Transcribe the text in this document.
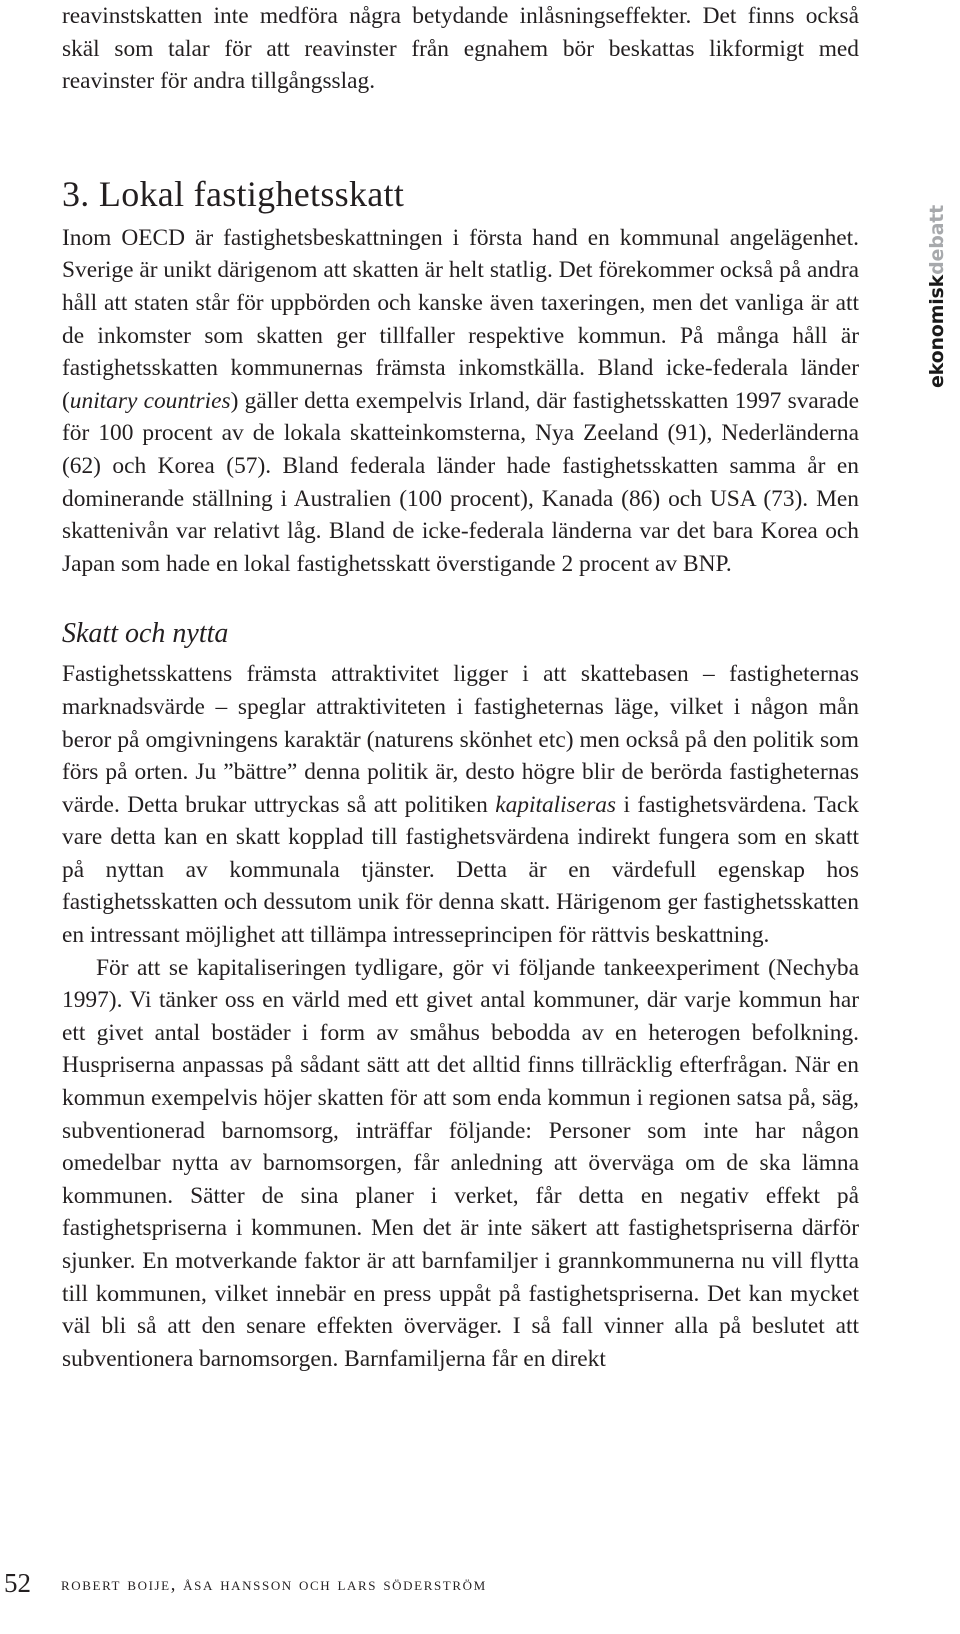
reavinstskatten inte medföra några betydande inlåsningseffekter. Det finns också skäl som talar för att reavinster från egnahem bör beskattas likformigt med reavinster för andra tillgångsslag.

3. Lokal fastighetsskatt

Inom OECD är fastighetsbeskattningen i första hand en kommunal angelägenhet. Sverige är unikt därigenom att skatten är helt statlig. Det förekommer också på andra håll att staten står för uppbörden och kanske även taxeringen, men det vanliga är att de inkomster som skatten ger tillfaller respektive kommun. På många håll är fastighetsskatten kommunernas främsta inkomstkälla. Bland icke-federala länder (unitary countries) gäller detta exempelvis Irland, där fastighetsskatten 1997 svarade för 100 procent av de lokala skatteinkomsterna, Nya Zeeland (91), Nederländerna (62) och Korea (57). Bland federala länder hade fastighetsskatten samma år en dominerande ställning i Australien (100 procent), Kanada (86) och USA (73). Men skattenivån var relativt låg. Bland de icke-federala länderna var det bara Korea och Japan som hade en lokal fastighetsskatt överstigande 2 procent av BNP.

Skatt och nytta

Fastighetsskattens främsta attraktivitet ligger i att skattebasen – fastigheternas marknadsvärde – speglar attraktiviteten i fastigheternas läge, vilket i någon mån beror på omgivningens karaktär (naturens skönhet etc) men också på den politik som förs på orten. Ju ”bättre” denna politik är, desto högre blir de berörda fastigheternas värde. Detta brukar uttryckas så att politiken kapitaliseras i fastighetsvärdena. Tack vare detta kan en skatt kopplad till fastighetsvärdena indirekt fungera som en skatt på nyttan av kommunala tjänster. Detta är en värdefull egenskap hos fastighetsskatten och dessutom unik för denna skatt. Härigenom ger fastighetsskatten en intressant möjlighet att tillämpa intresseprincipen för rättvis beskattning.

För att se kapitaliseringen tydligare, gör vi följande tankeexperiment (Nechyba 1997). Vi tänker oss en värld med ett givet antal kommuner, där varje kommun har ett givet antal bostäder i form av småhus bebodda av en heterogen befolkning. Huspriserna anpassas på sådant sätt att det alltid finns tillräcklig efterfrågan. När en kommun exempelvis höjer skatten för att som enda kommun i regionen satsa på, säg, subventionerad barnomsorg, inträffar följande: Personer som inte har någon omedelbar nytta av barnomsorgen, får anledning att överväga om de ska lämna kommunen. Sätter de sina planer i verket, får detta en negativ effekt på fastighetspriserna i kommunen. Men det är inte säkert att fastighetspriserna därför sjunker. En motverkande faktor är att barnfamiljer i grannkommunerna nu vill flytta till kommunen, vilket innebär en press uppåt på fastighetspriserna. Det kan mycket väl bli så att den senare effekten överväger. I så fall vinner alla på beslutet att subventionera barnomsorgen. Barnfamiljerna får en direkt

ekonomiskdebatt
52 robert boije, åsa hansson och lars söderström
